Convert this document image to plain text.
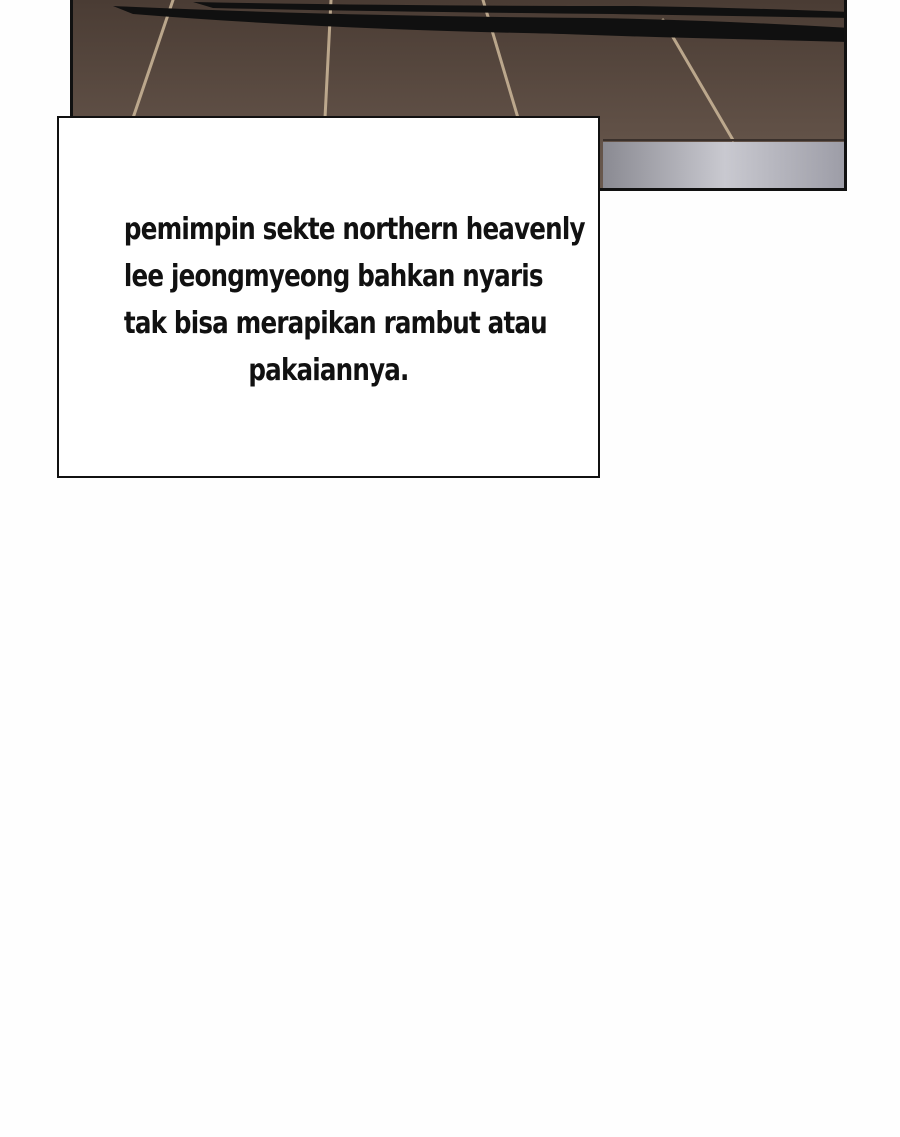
pemimpin sekte northern heavenly
lee jeongmyeong bahkan nyaris
tak bisa merapikan rambut atau
pakaiannya.
